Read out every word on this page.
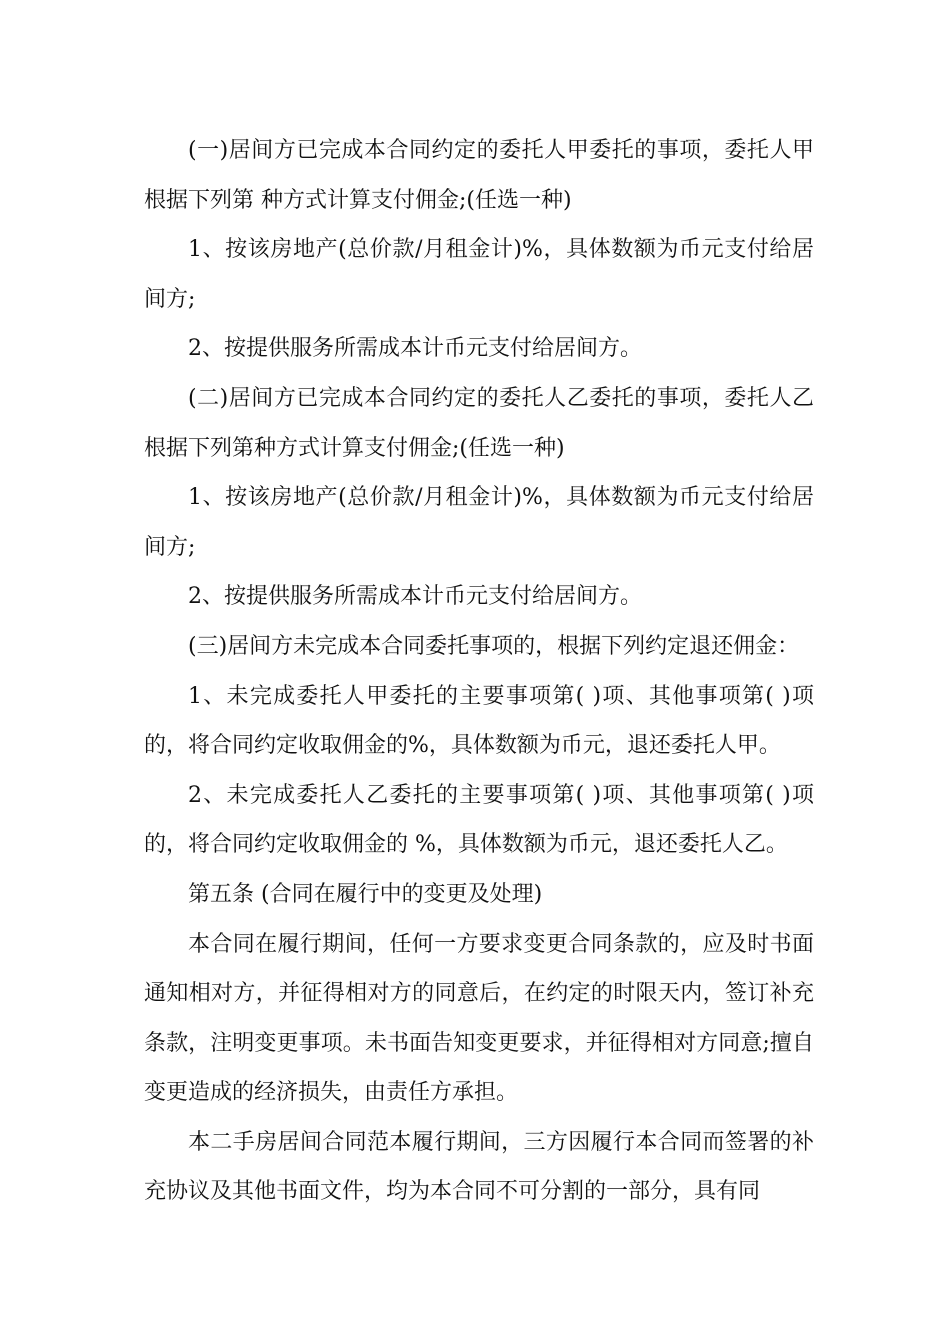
(一)居间方已完成本合同约定的委托人甲委托的事项，委托人甲根据下列第 种方式计算支付佣金;(任选一种)

1、按该房地产(总价款/月租金计)%，具体数额为币元支付给居间方;

2、按提供服务所需成本计币元支付给居间方。

(二)居间方已完成本合同约定的委托人乙委托的事项，委托人乙根据下列第种方式计算支付佣金;(任选一种)

1、按该房地产(总价款/月租金计)%，具体数额为币元支付给居间方;

2、按提供服务所需成本计币元支付给居间方。

(三)居间方未完成本合同委托事项的，根据下列约定退还佣金：

1、未完成委托人甲委托的主要事项第( )项、其他事项第( )项的，将合同约定收取佣金的%，具体数额为币元，退还委托人甲。

2、未完成委托人乙委托的主要事项第( )项、其他事项第( )项的，将合同约定收取佣金的 %，具体数额为币元，退还委托人乙。

第五条 (合同在履行中的变更及处理)

本合同在履行期间，任何一方要求变更合同条款的，应及时书面通知相对方，并征得相对方的同意后，在约定的时限天内，签订补充条款，注明变更事项。未书面告知变更要求，并征得相对方同意;擅自变更造成的经济损失，由责任方承担。

本二手房居间合同范本履行期间，三方因履行本合同而签署的补充协议及其他书面文件，均为本合同不可分割的一部分，具有同
